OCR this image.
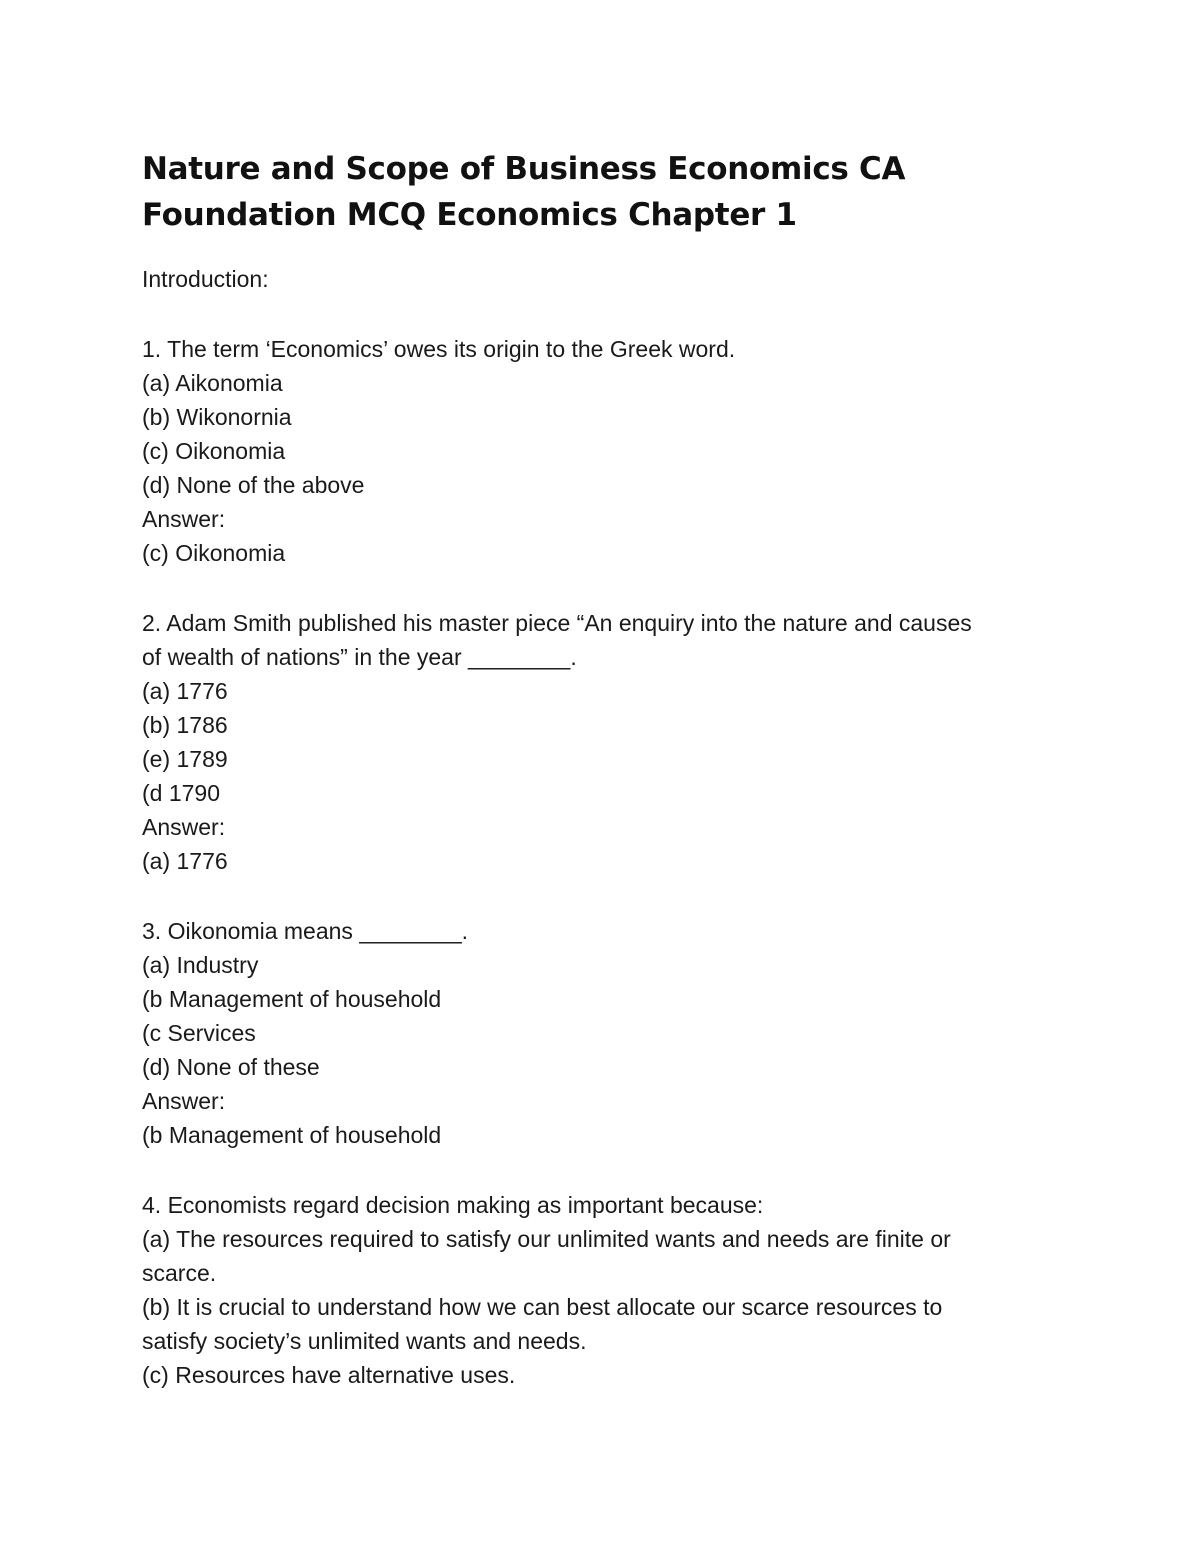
Nature and Scope of Business Economics CA
Foundation MCQ Economics Chapter 1

Introduction:

1. The term ‘Economics’ owes its origin to the Greek word.
(a) Aikonomia
(b) Wikonornia
(c) Oikonomia
(d) None of the above
Answer:
(c) Oikonomia
2. Adam Smith published his master piece “An enquiry into the nature and causes
of wealth of nations” in the year ________.
(a) 1776
(b) 1786
(e) 1789
(d 1790
Answer:
(a) 1776
3. Oikonomia means ________.
(a) Industry
(b Management of household
(c Services
(d) None of these
Answer:
(b Management of household
4. Economists regard decision making as important because:
(a) The resources required to satisfy our unlimited wants and needs are finite or
scarce.
(b) It is crucial to understand how we can best allocate our scarce resources to
satisfy society’s unlimited wants and needs.
(c) Resources have alternative uses.
